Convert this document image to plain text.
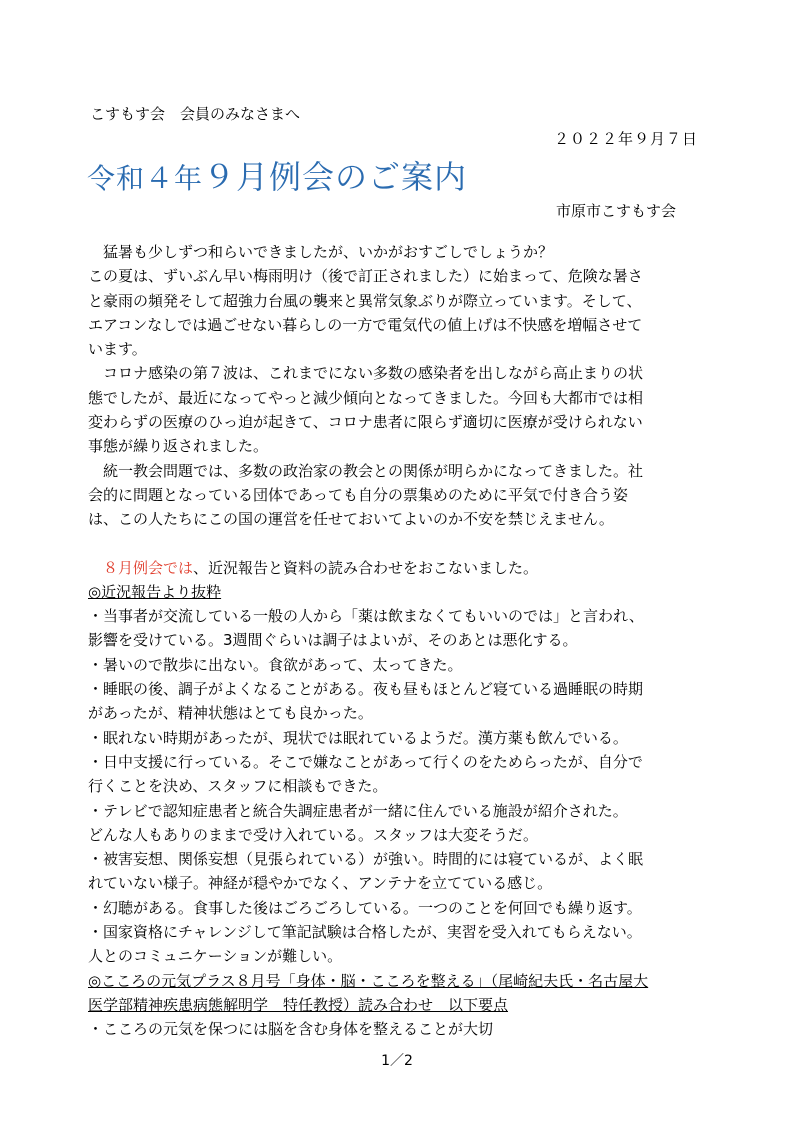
こすもす会　会員のみなさまへ
２０２２年９月７日
令和４年９月例会のご案内
市原市こすもす会

　猛暑も少しずつ和らいできましたが、いかがおすごしでしょうか？

この夏は、ずいぶん早い梅雨明け（後で訂正されました）に始まって、危険な暑さ

と豪雨の頻発そして超強力台風の襲来と異常気象ぶりが際立っています。そして、

エアコンなしでは過ごせない暮らしの一方で電気代の値上げは不快感を増幅させて

います。

　コロナ感染の第７波は、これまでにない多数の感染者を出しながら高止まりの状

態でしたが、最近になってやっと減少傾向となってきました。今回も大都市では相

変わらずの医療のひっ迫が起きて、コロナ患者に限らず適切に医療が受けられない

事態が繰り返されました。

　統一教会問題では、多数の政治家の教会との関係が明らかになってきました。社

会的に問題となっている団体であっても自分の票集めのために平気で付き合う姿

は、この人たちにこの国の運営を任せておいてよいのか不安を禁じえません。

　８月例会では、近況報告と資料の読み合わせをおこないました。

◎近況報告より抜粋

・当事者が交流している一般の人から「薬は飲まなくてもいいのでは」と言われ、

影響を受けている。3週間ぐらいは調子はよいが、そのあとは悪化する。

・暑いので散歩に出ない。食欲があって、太ってきた。

・睡眠の後、調子がよくなることがある。夜も昼もほとんど寝ている過睡眠の時期

があったが、精神状態はとても良かった。

・眠れない時期があったが、現状では眠れているようだ。漢方薬も飲んでいる。

・日中支援に行っている。そこで嫌なことがあって行くのをためらったが、自分で

行くことを決め、スタッフに相談もできた。

・テレビで認知症患者と統合失調症患者が一緒に住んでいる施設が紹介された。

どんな人もありのままで受け入れている。スタッフは大変そうだ。

・被害妄想、関係妄想（見張られている）が強い。時間的には寝ているが、よく眠

れていない様子。神経が穏やかでなく、アンテナを立てている感じ。

・幻聴がある。食事した後はごろごろしている。一つのことを何回でも繰り返す。

・国家資格にチャレンジして筆記試験は合格したが、実習を受入れてもらえない。

人とのコミュニケーションが難しい。

◎こころの元気プラス８月号「身体・脳・こころを整える」（尾崎紀夫氏・名古屋大

医学部精神疾患病態解明学　特任教授）読み合わせ　以下要点

・こころの元気を保つには脳を含む身体を整えることが大切

1／2
